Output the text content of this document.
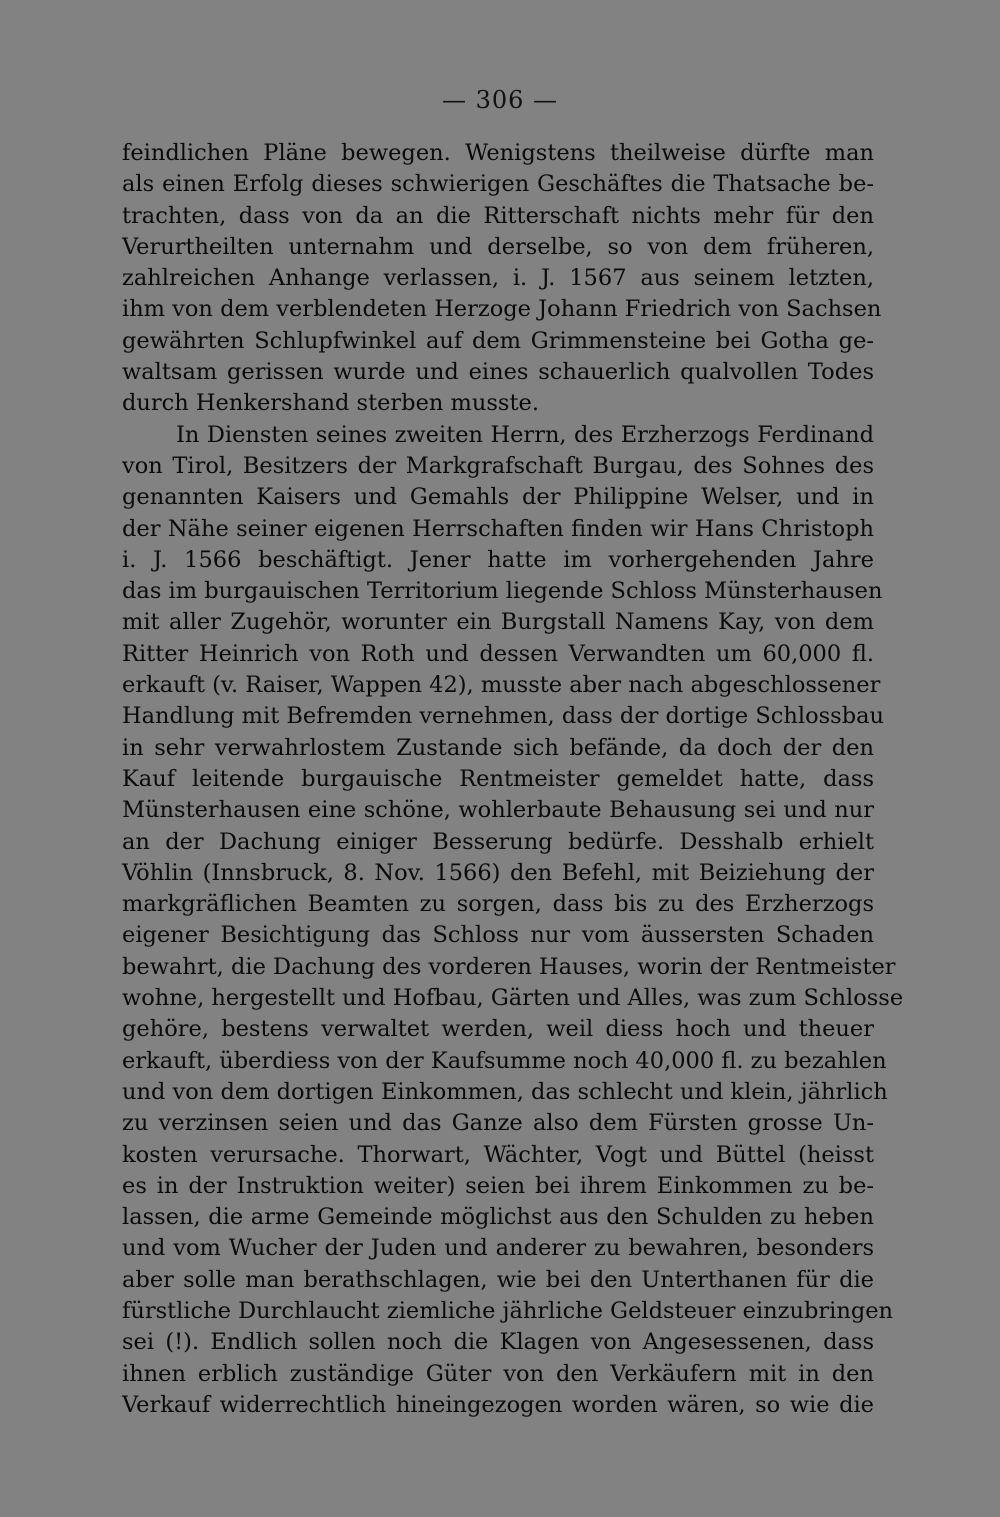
— 306 —
feindlichen Pläne bewegen. Wenigstens theilweise dürfte man
als einen Erfolg dieses schwierigen Geschäftes die Thatsache be-
trachten, dass von da an die Ritterschaft nichts mehr für den
Verurtheilten unternahm und derselbe, so von dem früheren,
zahlreichen Anhange verlassen, i. J. 1567 aus seinem letzten,
ihm von dem verblendeten Herzoge Johann Friedrich von Sachsen
gewährten Schlupfwinkel auf dem Grimmensteine bei Gotha ge-
waltsam gerissen wurde und eines schauerlich qualvollen Todes
durch Henkershand sterben musste.
In Diensten seines zweiten Herrn, des Erzherzogs Ferdinand
von Tirol, Besitzers der Markgrafschaft Burgau, des Sohnes des
genannten Kaisers und Gemahls der Philippine Welser, und in
der Nähe seiner eigenen Herrschaften finden wir Hans Christoph
i. J. 1566 beschäftigt. Jener hatte im vorhergehenden Jahre
das im burgauischen Territorium liegende Schloss Münsterhausen
mit aller Zugehör, worunter ein Burgstall Namens Kay, von dem
Ritter Heinrich von Roth und dessen Verwandten um 60,000 fl.
erkauft (v. Raiser, Wappen 42), musste aber nach abgeschlossener
Handlung mit Befremden vernehmen, dass der dortige Schlossbau
in sehr verwahrlostem Zustande sich befände, da doch der den
Kauf leitende burgauische Rentmeister gemeldet hatte, dass
Münsterhausen eine schöne, wohlerbaute Behausung sei und nur
an der Dachung einiger Besserung bedürfe. Desshalb erhielt
Vöhlin (Innsbruck, 8. Nov. 1566) den Befehl, mit Beiziehung der
markgräflichen Beamten zu sorgen, dass bis zu des Erzherzogs
eigener Besichtigung das Schloss nur vom äussersten Schaden
bewahrt, die Dachung des vorderen Hauses, worin der Rentmeister
wohne, hergestellt und Hofbau, Gärten und Alles, was zum Schlosse
gehöre, bestens verwaltet werden, weil diess hoch und theuer
erkauft, überdiess von der Kaufsumme noch 40,000 fl. zu bezahlen
und von dem dortigen Einkommen, das schlecht und klein, jährlich
zu verzinsen seien und das Ganze also dem Fürsten grosse Un-
kosten verursache. Thorwart, Wächter, Vogt und Büttel (heisst
es in der Instruktion weiter) seien bei ihrem Einkommen zu be-
lassen, die arme Gemeinde möglichst aus den Schulden zu heben
und vom Wucher der Juden und anderer zu bewahren, besonders
aber solle man berathschlagen, wie bei den Unterthanen für die
fürstliche Durchlaucht ziemliche jährliche Geldsteuer einzubringen
sei (!). Endlich sollen noch die Klagen von Angesessenen, dass
ihnen erblich zuständige Güter von den Verkäufern mit in den
Verkauf widerrechtlich hineingezogen worden wären, so wie die
